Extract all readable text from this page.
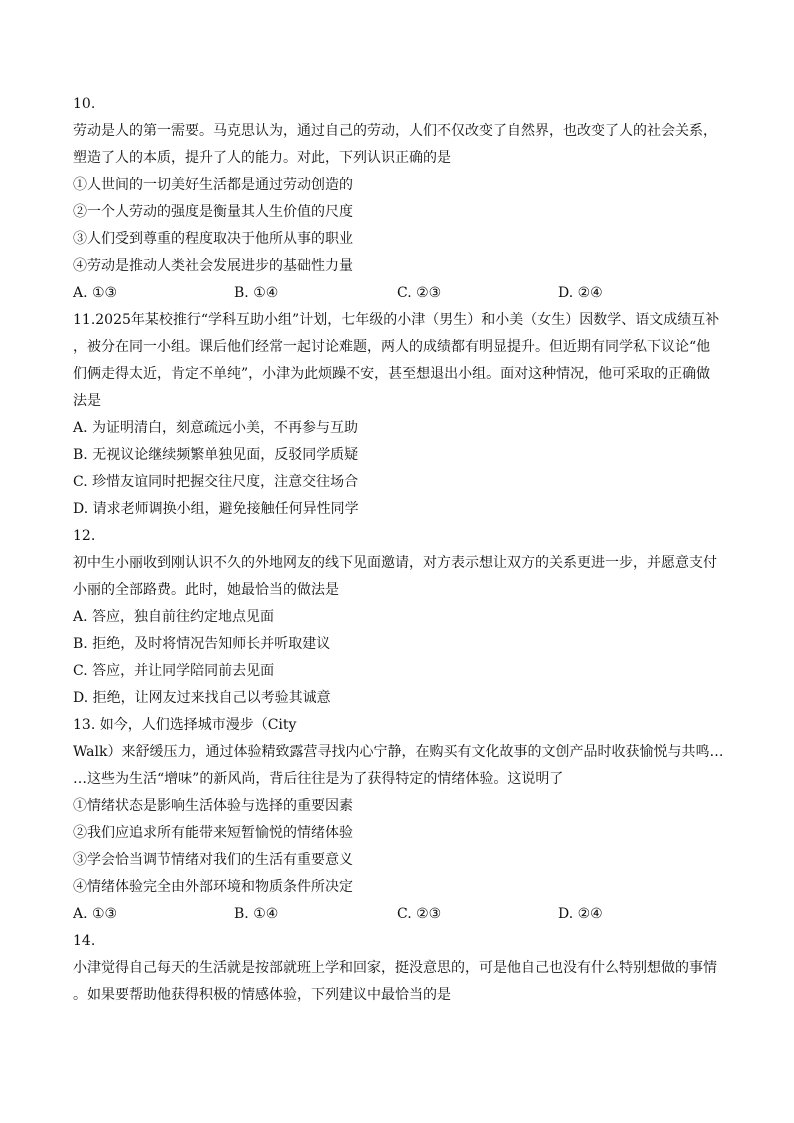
10.
劳动是人的第一需要。马克思认为，通过自己的劳动，人们不仅改变了自然界，也改变了人的社会关系，
塑造了人的本质，提升了人的能力。对此，下列认识正确的是
①人世间的一切美好生活都是通过劳动创造的
②一个人劳动的强度是衡量其人生价值的尺度
③人们受到尊重的程度取决于他所从事的职业
④劳动是推动人类社会发展进步的基础性力量
A. ①③	B. ①④	C. ②③	D. ②④
11.2025年某校推行“学科互助小组”计划，七年级的小津（男生）和小美（女生）因数学、语文成绩互补
，被分在同一小组。课后他们经常一起讨论难题，两人的成绩都有明显提升。但近期有同学私下议论“他
们俩走得太近，肯定不单纯”，小津为此烦躁不安，甚至想退出小组。面对这种情况，他可采取的正确做
法是
A. 为证明清白，刻意疏远小美，不再参与互助
B. 无视议论继续频繁单独见面，反驳同学质疑
C. 珍惜友谊同时把握交往尺度，注意交往场合
D. 请求老师调换小组，避免接触任何异性同学
12.
初中生小丽收到刚认识不久的外地网友的线下见面邀请，对方表示想让双方的关系更进一步，并愿意支付
小丽的全部路费。此时，她最恰当的做法是
A. 答应，独自前往约定地点见面
B. 拒绝，及时将情况告知师长并听取建议
C. 答应，并让同学陪同前去见面
D. 拒绝，让网友过来找自己以考验其诚意
13. 如今，人们选择城市漫步（City
Walk）来舒缓压力，通过体验精致露营寻找内心宁静，在购买有文化故事的文创产品时收获愉悦与共鸣…
…这些为生活“增味”的新风尚，背后往往是为了获得特定的情绪体验。这说明了
①情绪状态是影响生活体验与选择的重要因素
②我们应追求所有能带来短暂愉悦的情绪体验
③学会恰当调节情绪对我们的生活有重要意义
④情绪体验完全由外部环境和物质条件所决定
A. ①③	B. ①④	C. ②③	D. ②④
14.
小津觉得自己每天的生活就是按部就班上学和回家，挺没意思的，可是他自己也没有什么特别想做的事情
。如果要帮助他获得积极的情感体验，下列建议中最恰当的是
